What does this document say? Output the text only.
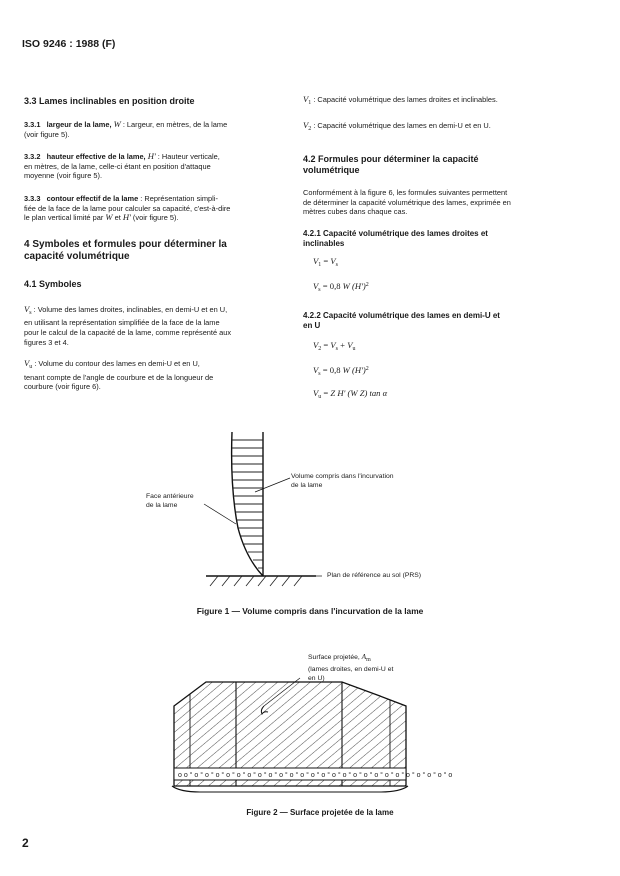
ISO 9246 : 1988 (F)

3.3 Lames inclinables en position droite

3.3.1 largeur de la lame, W : Largeur, en mètres, de la lame
(voir figure 5).

3.3.2 hauteur effective de la lame, H' : Hauteur verticale,
en mètres, de la lame, celle-ci étant en position d'attaque
moyenne (voir figure 5).

3.3.3 contour effectif de la lame : Représentation simpli-
fiée de la face de la lame pour calculer sa capacité, c'est-à-dire
le plan vertical limité par W et H' (voir figure 5).

4 Symboles et formules pour déterminer la
capacité volumétrique

4.1 Symboles

$V_s$ : Volume des lames droites, inclinables, en demi-U et en U,
en utilisant la représentation simplifiée de la face de la lame
pour le calcul de la capacité de la lame, comme représenté aux
figures 3 et 4.

$V_u$ : Volume du contour des lames en demi-U et en U,
tenant compte de l'angle de courbure et de la longueur de
courbure (voir figure 6).

$V_1$ : Capacité volumétrique des lames droites et inclinables.

$V_2$ : Capacité volumétrique des lames en demi-U et en U.

4.2 Formules pour déterminer la capacité
volumétrique

Conformément à la figure 6, les formules suivantes permettent
de déterminer la capacité volumétrique des lames, exprimée en
mètres cubes dans chaque cas.

4.2.1 Capacité volumétrique des lames droites et
inclinables

$V_1 = V_s$

$V_s = 0,8$ W $(H')^2$

4.2.2 Capacité volumétrique des lames en demi-U et
en U

$V_2 = V_s + V_u$

$V_s = 0,8$ W $(H')^2$

$V_u = Z$ H' (W Z) tan α

Volume compris dans l'incurvation
de la lame
Face antérieure
de la lame
Plan de référence au sol (PRS)
Figure 1 — Volume compris dans l'incurvation de la lame
o o ° o ° o ° o ° o ° o ° o ° o ° o ° o ° o ° o ° o ° o ° o ° o ° o ° o ° o ° o ° o ° o ° o ° o ° o ° o
Surface projetée, $A_m$
(lames droites, en demi-U et
en U)
Figure 2 — Surface projetée de la lame
2
